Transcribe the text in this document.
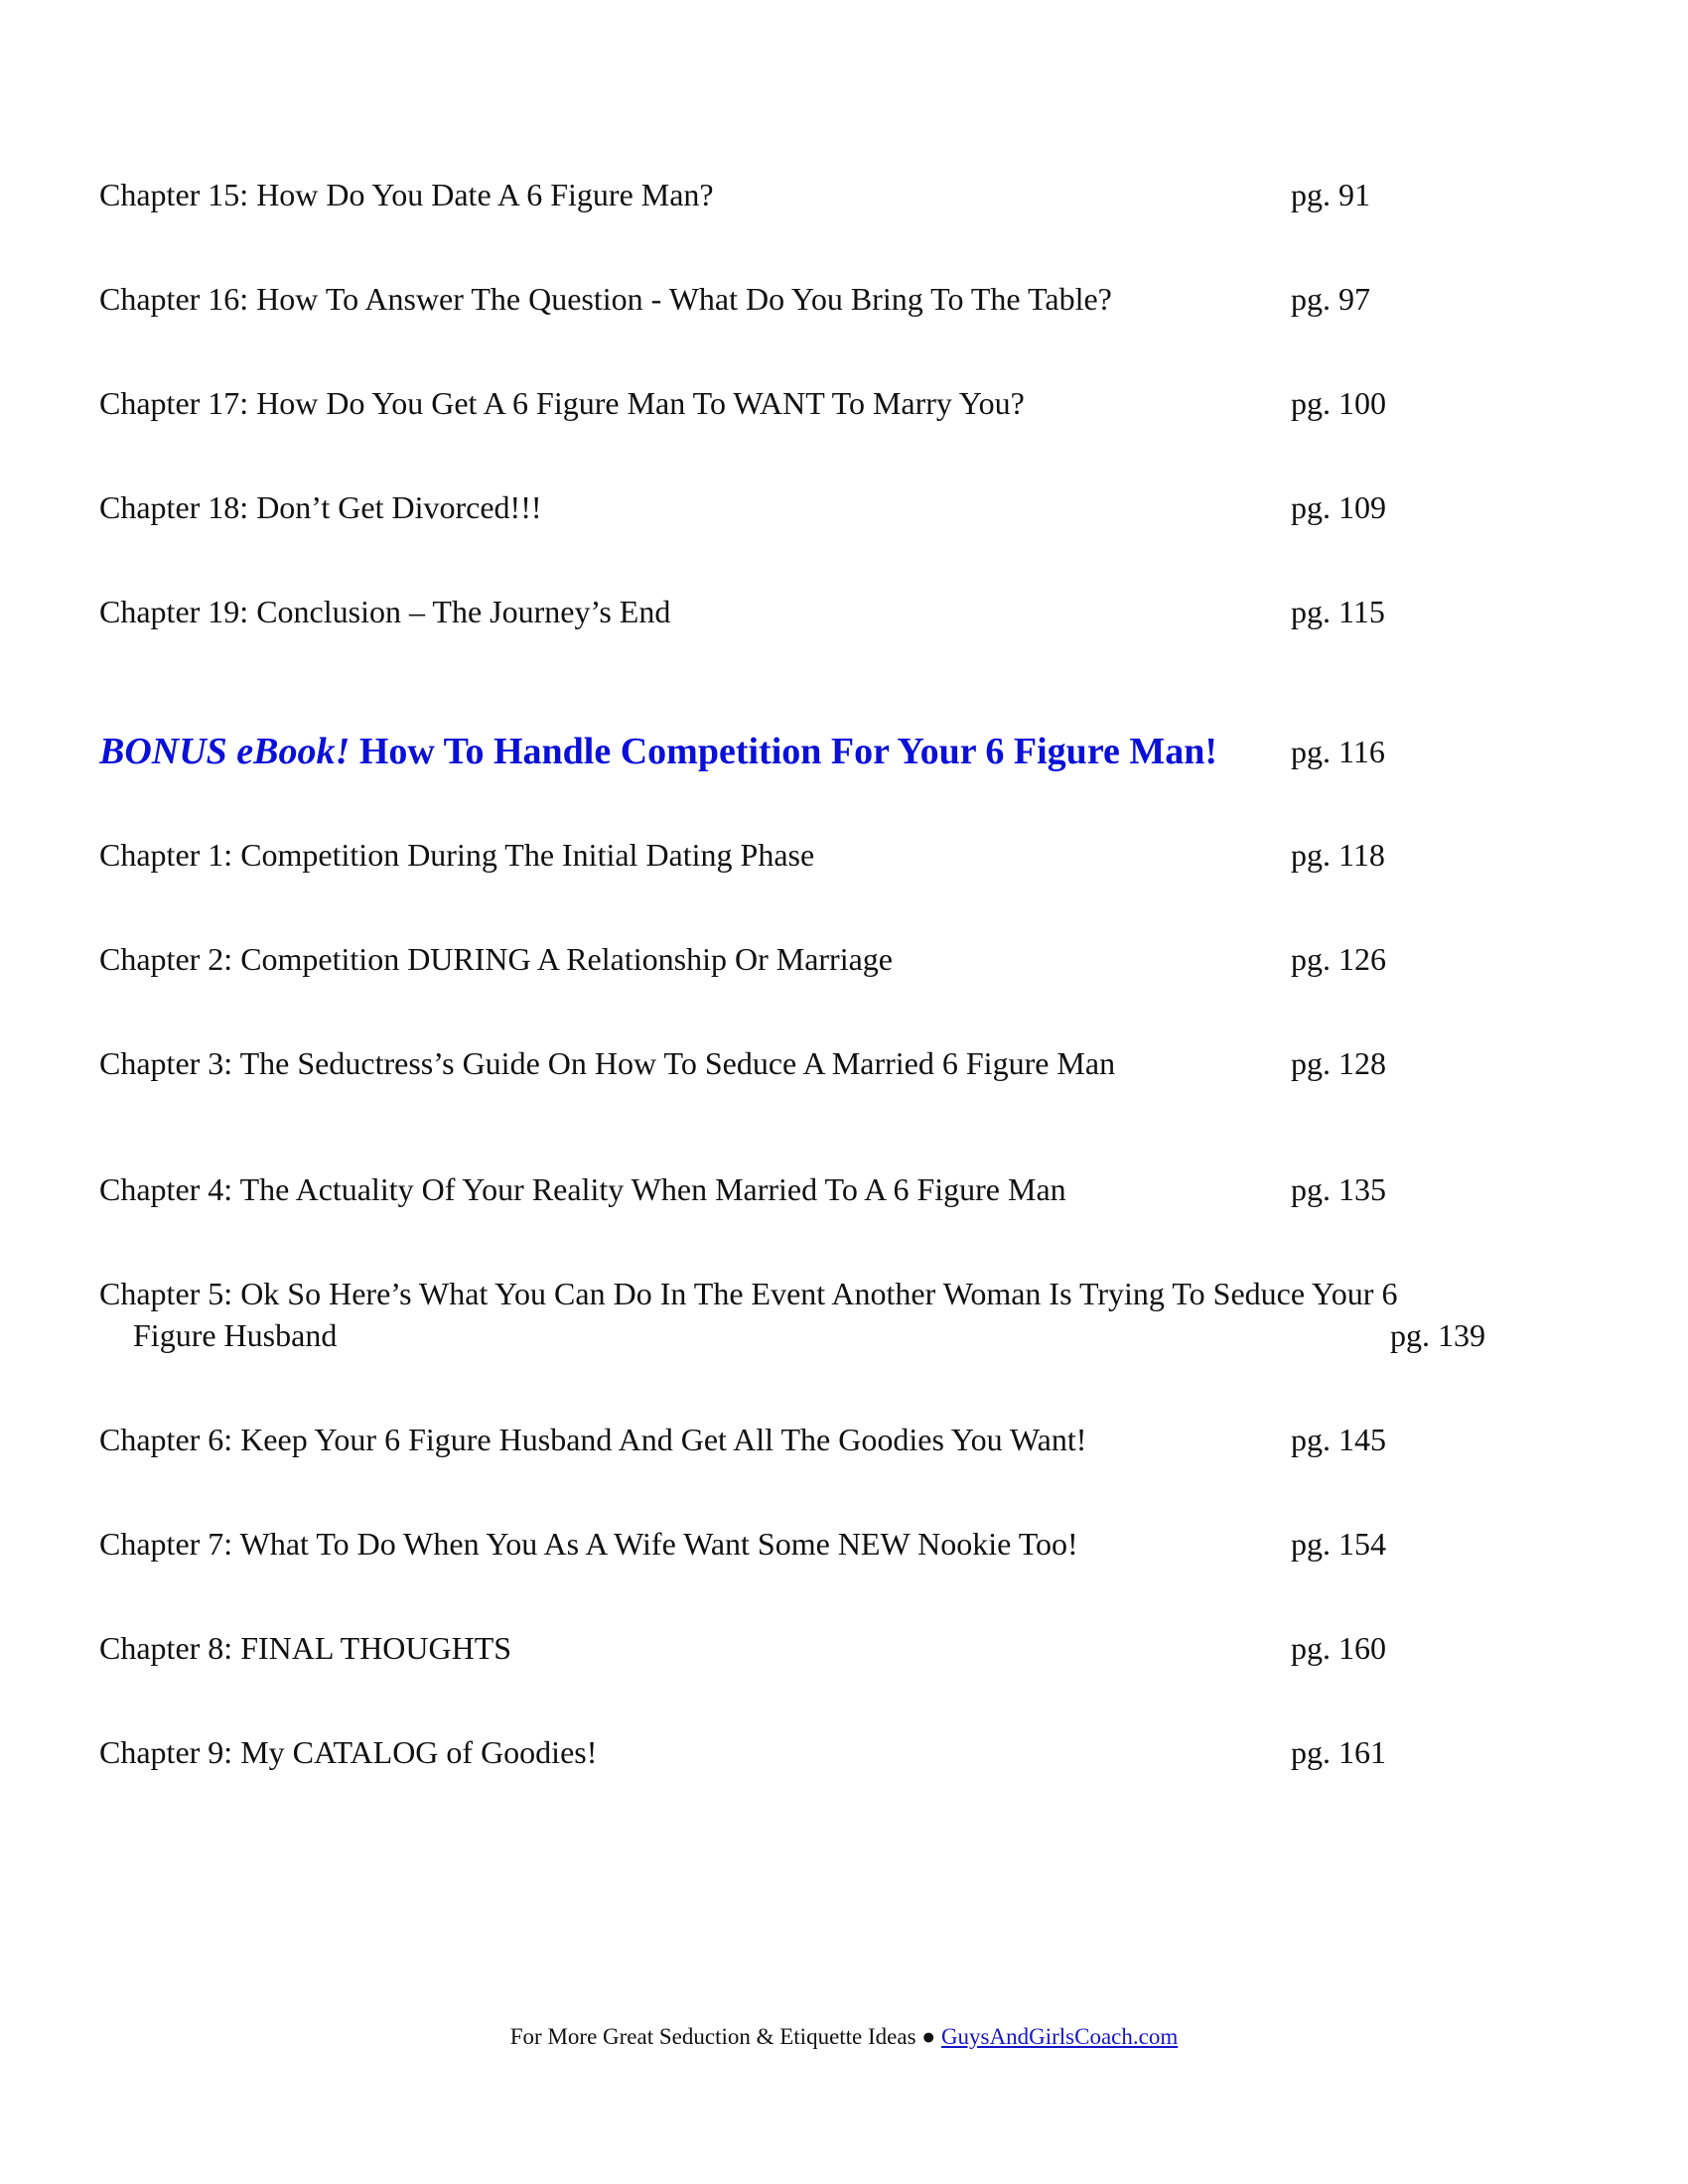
Chapter 15: How Do You Date A 6 Figure Man?	pg. 91
Chapter 16: How To Answer The Question - What Do You Bring To The Table?	pg. 97
Chapter 17: How Do You Get A 6 Figure Man To WANT To Marry You?	pg. 100
Chapter 18: Don’t Get Divorced!!!	pg. 109
Chapter 19: Conclusion – The Journey’s End	pg. 115
BONUS eBook! How To Handle Competition For Your 6 Figure Man! pg. 116
Chapter 1: Competition During The Initial Dating Phase	pg. 118
Chapter 2: Competition DURING A Relationship Or Marriage	pg. 126
Chapter 3: The Seductress’s Guide On How To Seduce A Married 6 Figure Man	pg. 128
Chapter 4: The Actuality Of Your Reality When Married To A 6 Figure Man	pg. 135
Chapter 5: Ok So Here’s What You Can Do In The Event Another Woman Is Trying To Seduce Your 6
Figure Husband	pg. 139
Chapter 6: Keep Your 6 Figure Husband And Get All The Goodies You Want!	pg. 145
Chapter 7: What To Do When You As A Wife Want Some NEW Nookie Too!	pg. 154
Chapter 8: FINAL THOUGHTS	pg. 160
Chapter 9: My CATALOG of Goodies!	pg. 161
For More Great Seduction & Etiquette Ideas ● GuysAndGirlsCoach.com
